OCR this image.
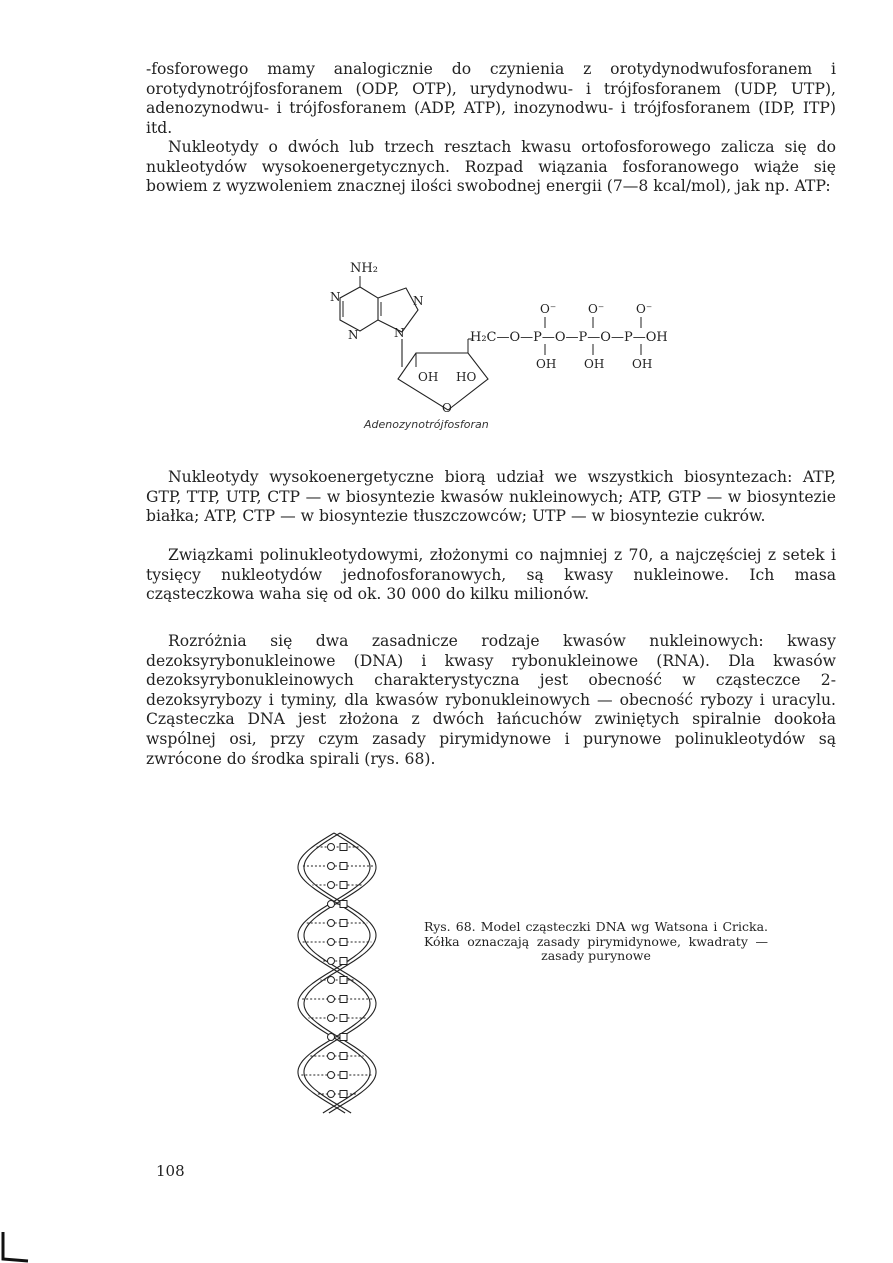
-fosforowego mamy analogicznie do czynienia z orotydynodwufosforanem i orotydynotrójfosforanem (ODP, OTP), urydynodwu- i trójfosforanem (UDP, UTP), adenozynodwu- i trójfosforanem (ADP, ATP), inozynodwu- i trójfosforanem (IDP, ITP) itd.

Nukleotydy o dwóch lub trzech resztach kwasu ortofosforowego zalicza się do nukleotydów wysokoenergetycznych. Rozpad wiązania fosforanowego wiąże się bowiem z wyzwoleniem znacznej ilości swobodnej energii (7—8 kcal/mol), jak np. ATP:

NH₂
N
N
N
N
OH HO
O
H₂C—O—P—O—P—O—P—OH
O⁻	O⁻	O⁻
OH OH OH
Adenozynotrójfosforan

Nukleotydy wysokoenergetyczne biorą udział we wszystkich biosyntezach: ATP, GTP, TTP, UTP, CTP — w biosyntezie kwasów nukleinowych; ATP, GTP — w biosyntezie białka; ATP, CTP — w biosyntezie tłuszczowców; UTP — w biosyntezie cukrów.

Związkami polinukleotydowymi, złożonymi co najmniej z 70, a najczęściej z setek i tysięcy nukleotydów jednofosforanowych, są kwasy nukleinowe. Ich masa cząsteczkowa waha się od ok. 30 000 do kilku milionów.

Rozróżnia się dwa zasadnicze rodzaje kwasów nukleinowych: kwasy dezoksyrybonukleinowe (DNA) i kwasy rybonukleinowe (RNA). Dla kwasów dezoksyrybonukleinowych charakterystyczna jest obecność w cząsteczce 2-dezoksyrybozy i tyminy, dla kwasów rybonukleinowych — obecność rybozy i uracylu. Cząsteczka DNA jest złożona z dwóch łańcuchów zwiniętych spiralnie dookoła wspólnej osi, przy czym zasady pirymidynowe i purynowe polinukleotydów są zwrócone do środka spirali (rys. 68).

Rys. 68. Model cząsteczki DNA wg Watsona i Cricka. Kółka oznaczają zasady pirymidynowe, kwadraty — zasady purynowe

108
